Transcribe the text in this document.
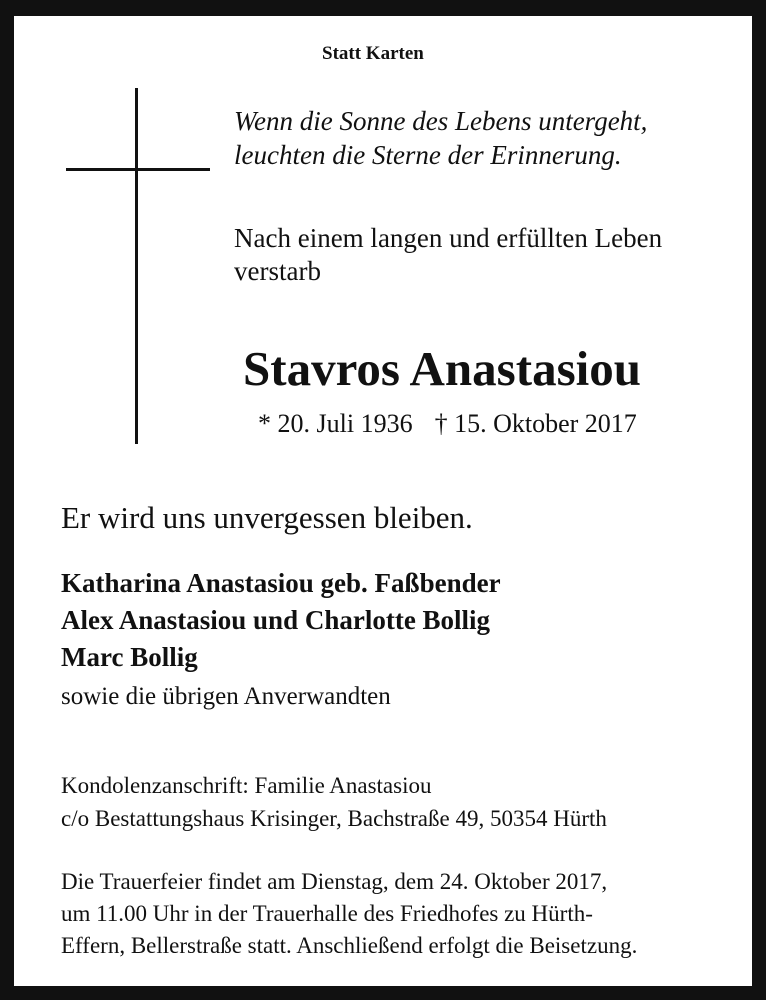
Statt Karten
Wenn die Sonne des Lebens untergeht,
leuchten die Sterne der Erinnerung.
Nach einem langen und erfüllten Leben
verstarb
Stavros Anastasiou
* 20. Juli 1936 † 15. Oktober 2017
Er wird uns unvergessen bleiben.
Katharina Anastasiou geb. Faßbender
Alex Anastasiou und Charlotte Bollig
Marc Bollig
sowie die übrigen Anverwandten
Kondolenzanschrift: Familie Anastasiou
c/o Bestattungshaus Krisinger, Bachstraße 49, 50354 Hürth
Die Trauerfeier findet am Dienstag, dem 24. Oktober 2017,
um 11.00 Uhr in der Trauerhalle des Friedhofes zu Hürth-
Effern, Bellerstraße statt. Anschließend erfolgt die Beisetzung.
